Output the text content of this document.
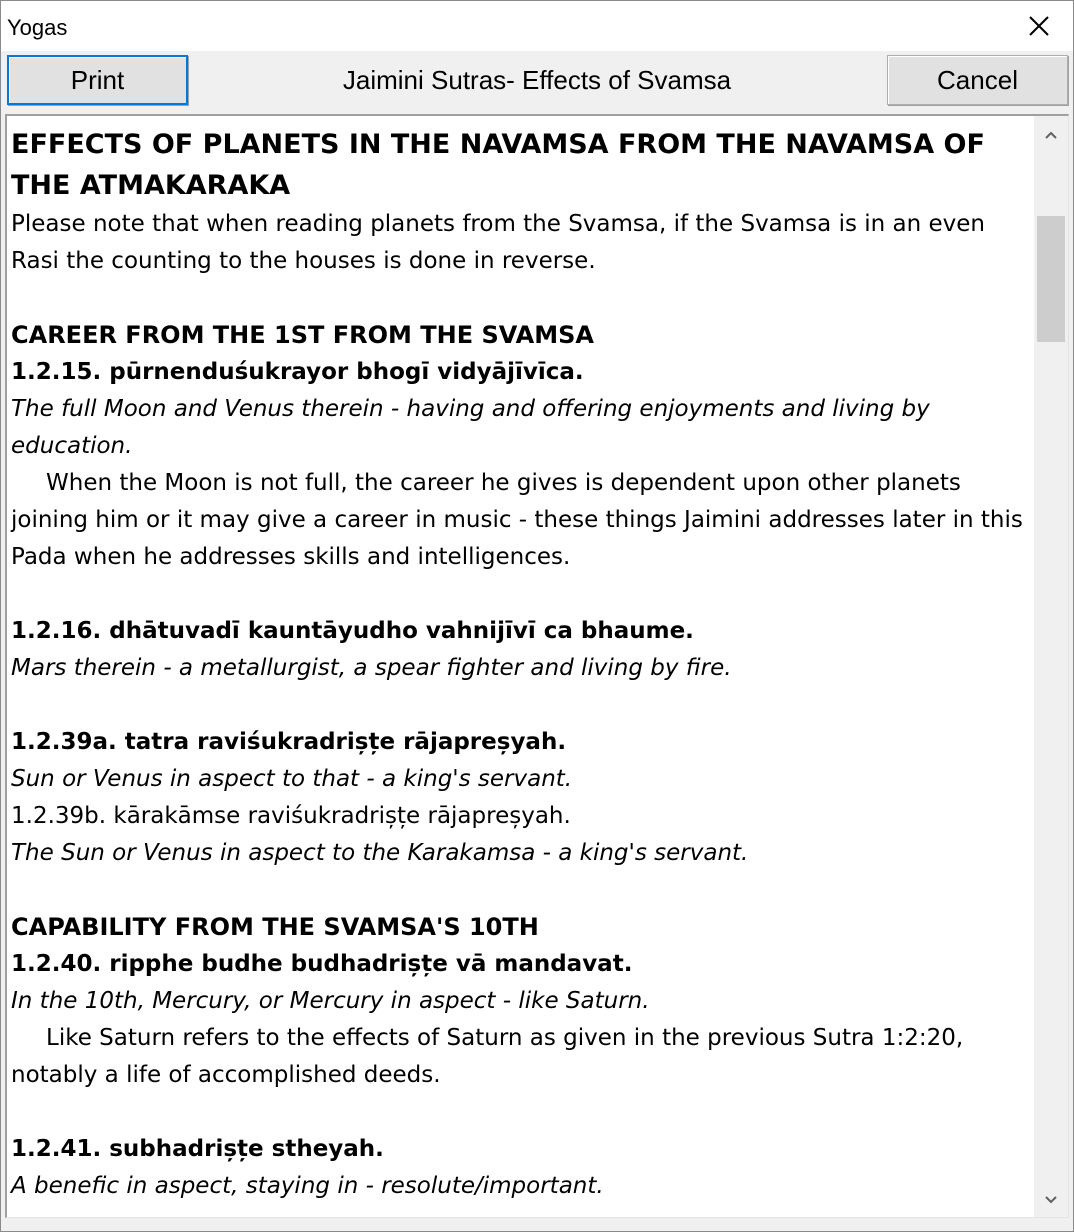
Yogas
Print	Jaimini Sutras- Effects of Svamsa	Cancel

EFFECTS OF PLANETS IN THE NAVAMSA FROM THE NAVAMSA OF THE ATMAKARAKA

Please note that when reading planets from the Svamsa, if the Svamsa is in an even Rasi the counting to the houses is done in reverse.

CAREER FROM THE 1ST FROM THE SVAMSA

1.2.15. pūrnenduśukrayor bhogī vidyājīvīca.

The full Moon and Venus therein - having and offering enjoyments and living by education.

When the Moon is not full, the career he gives is dependent upon other planets joining him or it may give a career in music - these things Jaimini addresses later in this Pada when he addresses skills and intelligences.

1.2.16. dhātuvadī kauntāyudho vahnijīvī ca bhaume.

Mars therein - a metallurgist, a spear fighter and living by fire.

1.2.39a. tatra raviśukradrișțe rājapreșyah.

Sun or Venus in aspect to that - a king's servant.

1.2.39b. kārakāmse raviśukradrișțe rājapreșyah.

The Sun or Venus in aspect to the Karakamsa - a king's servant.

CAPABILITY FROM THE SVAMSA'S 10TH

1.2.40. ripphe budhe budhadrișțe vā mandavat.

In the 10th, Mercury, or Mercury in aspect - like Saturn.

Like Saturn refers to the effects of Saturn as given in the previous Sutra 1:2:20, notably a life of accomplished deeds.

1.2.41. subhadrișțe stheyah.

A benefic in aspect, staying in - resolute/important.
